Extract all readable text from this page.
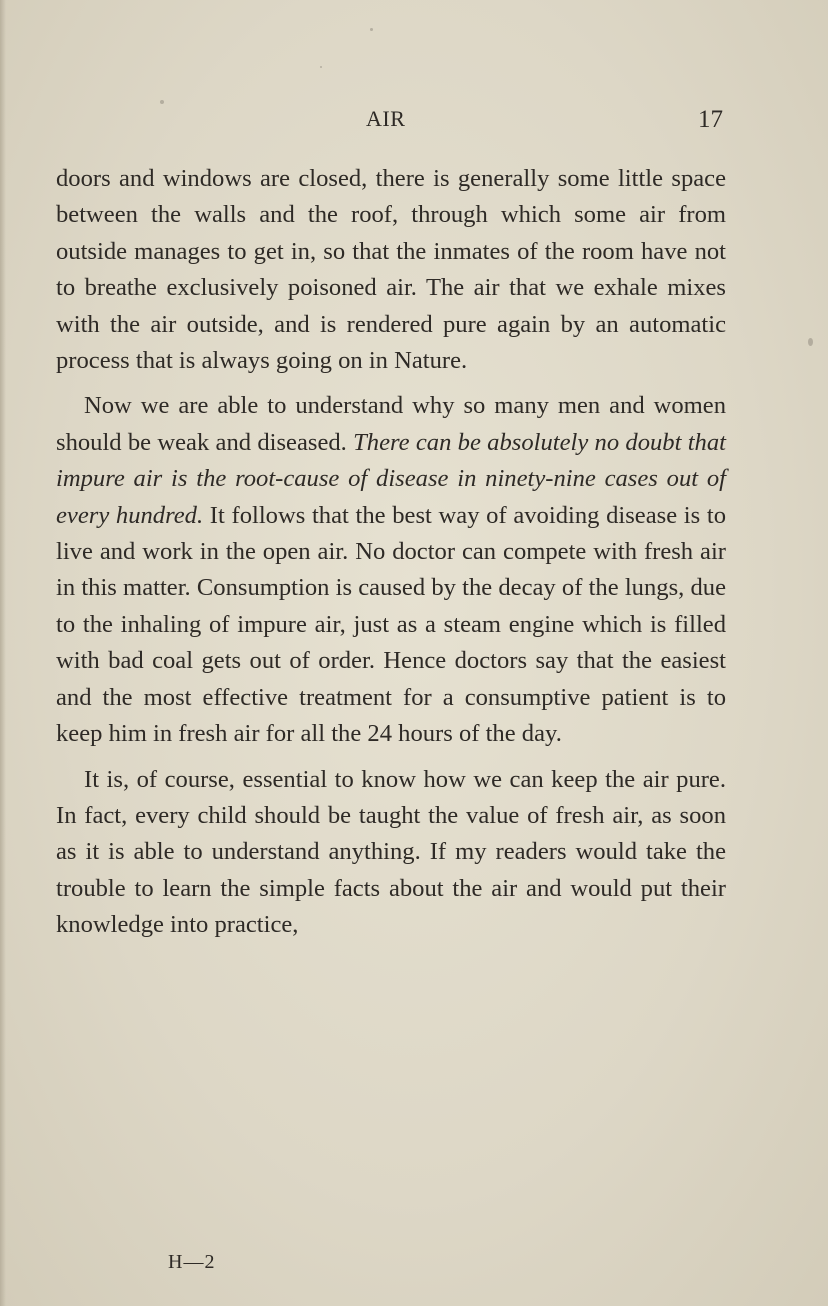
AIR	17

doors and windows are closed, there is generally some little space between the walls and the roof, through which some air from outside manages to get in, so that the inmates of the room have not to breathe exclusively poisoned air. The air that we exhale mixes with the air outside, and is rendered pure again by an automatic process that is always going on in Nature.

Now we are able to understand why so many men and women should be weak and diseased. There can be absolutely no doubt that impure air is the root-cause of disease in ninety-nine cases out of every hundred. It follows that the best way of avoiding disease is to live and work in the open air. No doctor can compete with fresh air in this matter. Consumption is caused by the decay of the lungs, due to the inhaling of impure air, just as a steam engine which is filled with bad coal gets out of order. Hence doctors say that the easiest and the most effective treatment for a consumptive patient is to keep him in fresh air for all the 24 hours of the day.

It is, of course, essential to know how we can keep the air pure. In fact, every child should be taught the value of fresh air, as soon as it is able to understand anything. If my readers would take the trouble to learn the simple facts about the air and would put their knowledge into practice,

H—2
